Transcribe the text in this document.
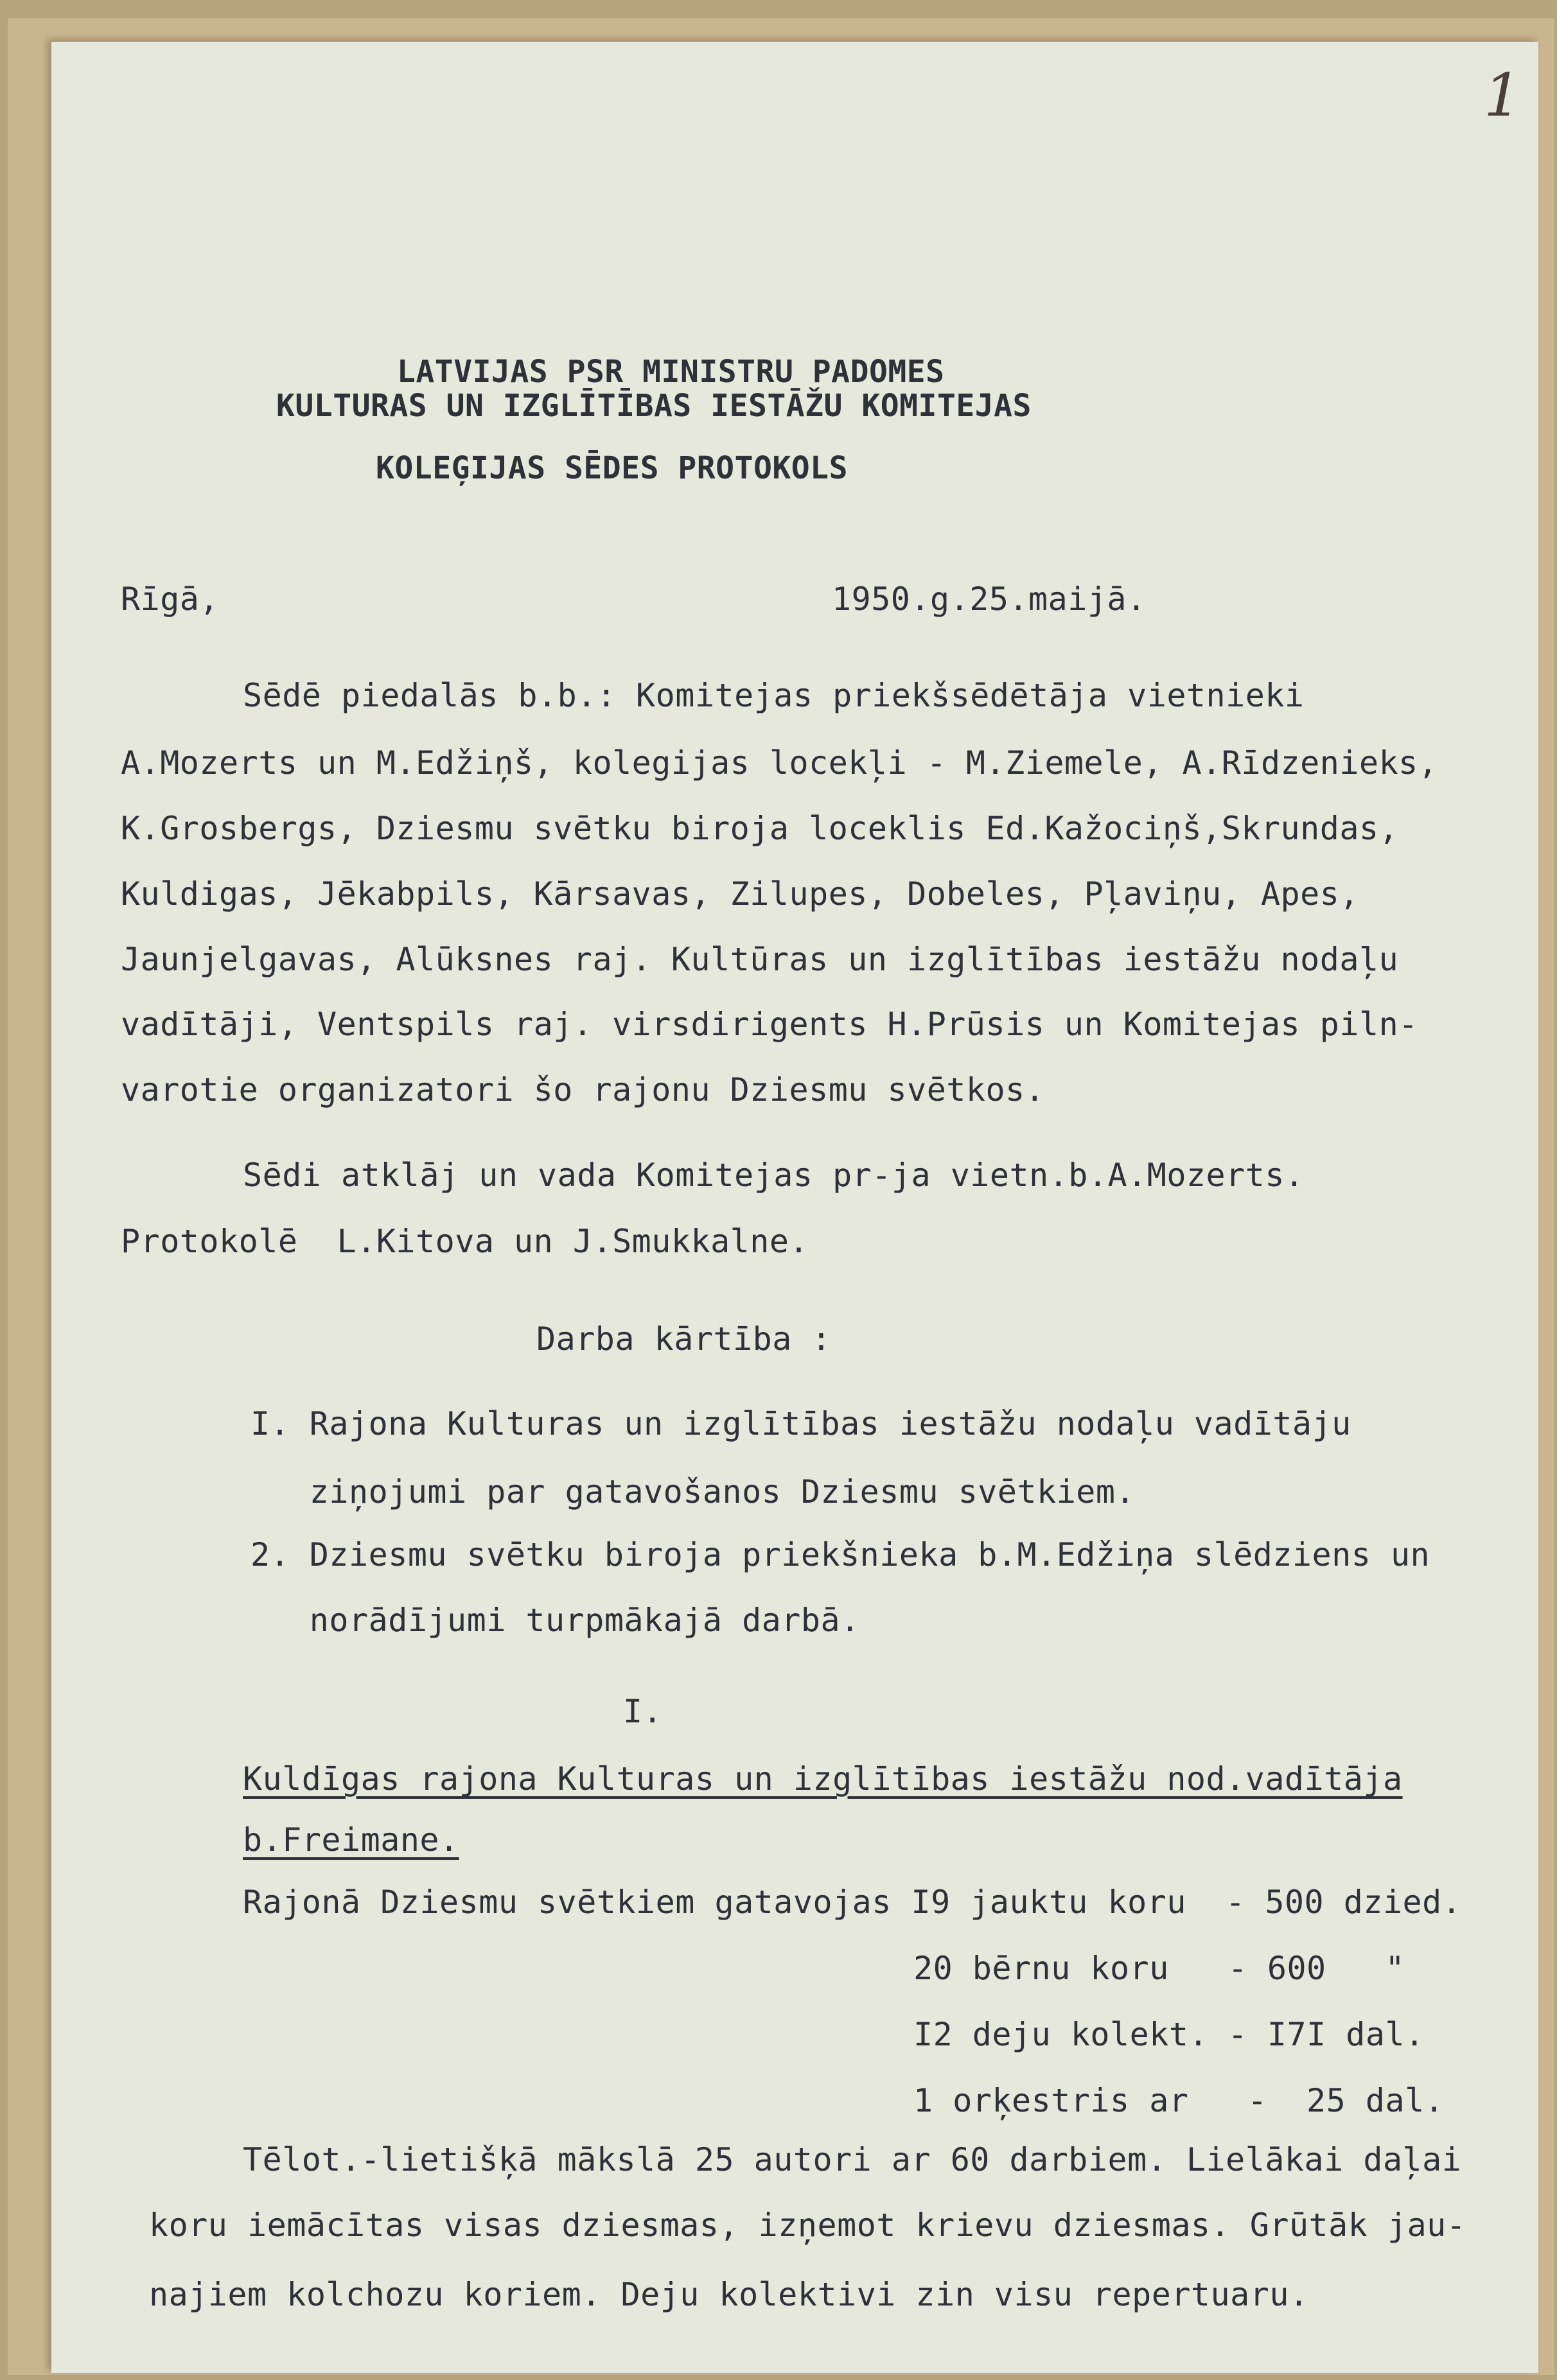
1
LATVIJAS PSR MINISTRU PADOMES
KULTURAS UN IZGLĪTĪBAS IESTĀŽU KOMITEJAS
KOLEĢIJAS SĒDES PROTOKOLS
Rīgā,	1950.g.25.maijā.
Sēdē piedalās b.b.: Komitejas priekšsēdētāja vietnieki
A.Mozerts un M.Edžiņš, kolegijas locekļi - M.Ziemele, A.Rīdzenieks,
K.Grosbergs, Dziesmu svētku biroja loceklis Ed.Kažociņš,Skrundas,
Kuldigas, Jēkabpils, Kārsavas, Zilupes, Dobeles, Pļaviņu, Apes,
Jaunjelgavas, Alūksnes raj. Kultūras un izglītības iestāžu nodaļu
vadītāji, Ventspils raj. virsdirigents H.Prūsis un Komitejas piln-
varotie organizatori šo rajonu Dziesmu svētkos.
Sēdi atklāj un vada Komitejas pr-ja vietn.b.A.Mozerts.
Protokolē  L.Kitova un J.Smukkalne.
Darba kārtība :
I. Rajona Kulturas un izglītības iestāžu nodaļu vadītāju
ziņojumi par gatavošanos Dziesmu svētkiem.
2. Dziesmu svētku biroja priekšnieka b.M.Edžiņa slēdziens un
norādījumi turpmākajā darbā.
I.
Kuldīgas rajona Kulturas un izglītības iestāžu nod.vadītāja
b.Freimane.
Rajonā Dziesmu svētkiem gatavojas I9 jauktu koru  - 500 dzied.
20 bērnu koru   - 600   "
I2 deju kolekt. - I7I dal.
1 orķestris ar   -  25 dal.
Tēlot.-lietišķā mākslā 25 autori ar 60 darbiem. Lielākai daļai
koru iemācītas visas dziesmas, izņemot krievu dziesmas. Grūtāk jau-
najiem kolchozu koriem. Deju kolektivi zin visu repertuaru.
